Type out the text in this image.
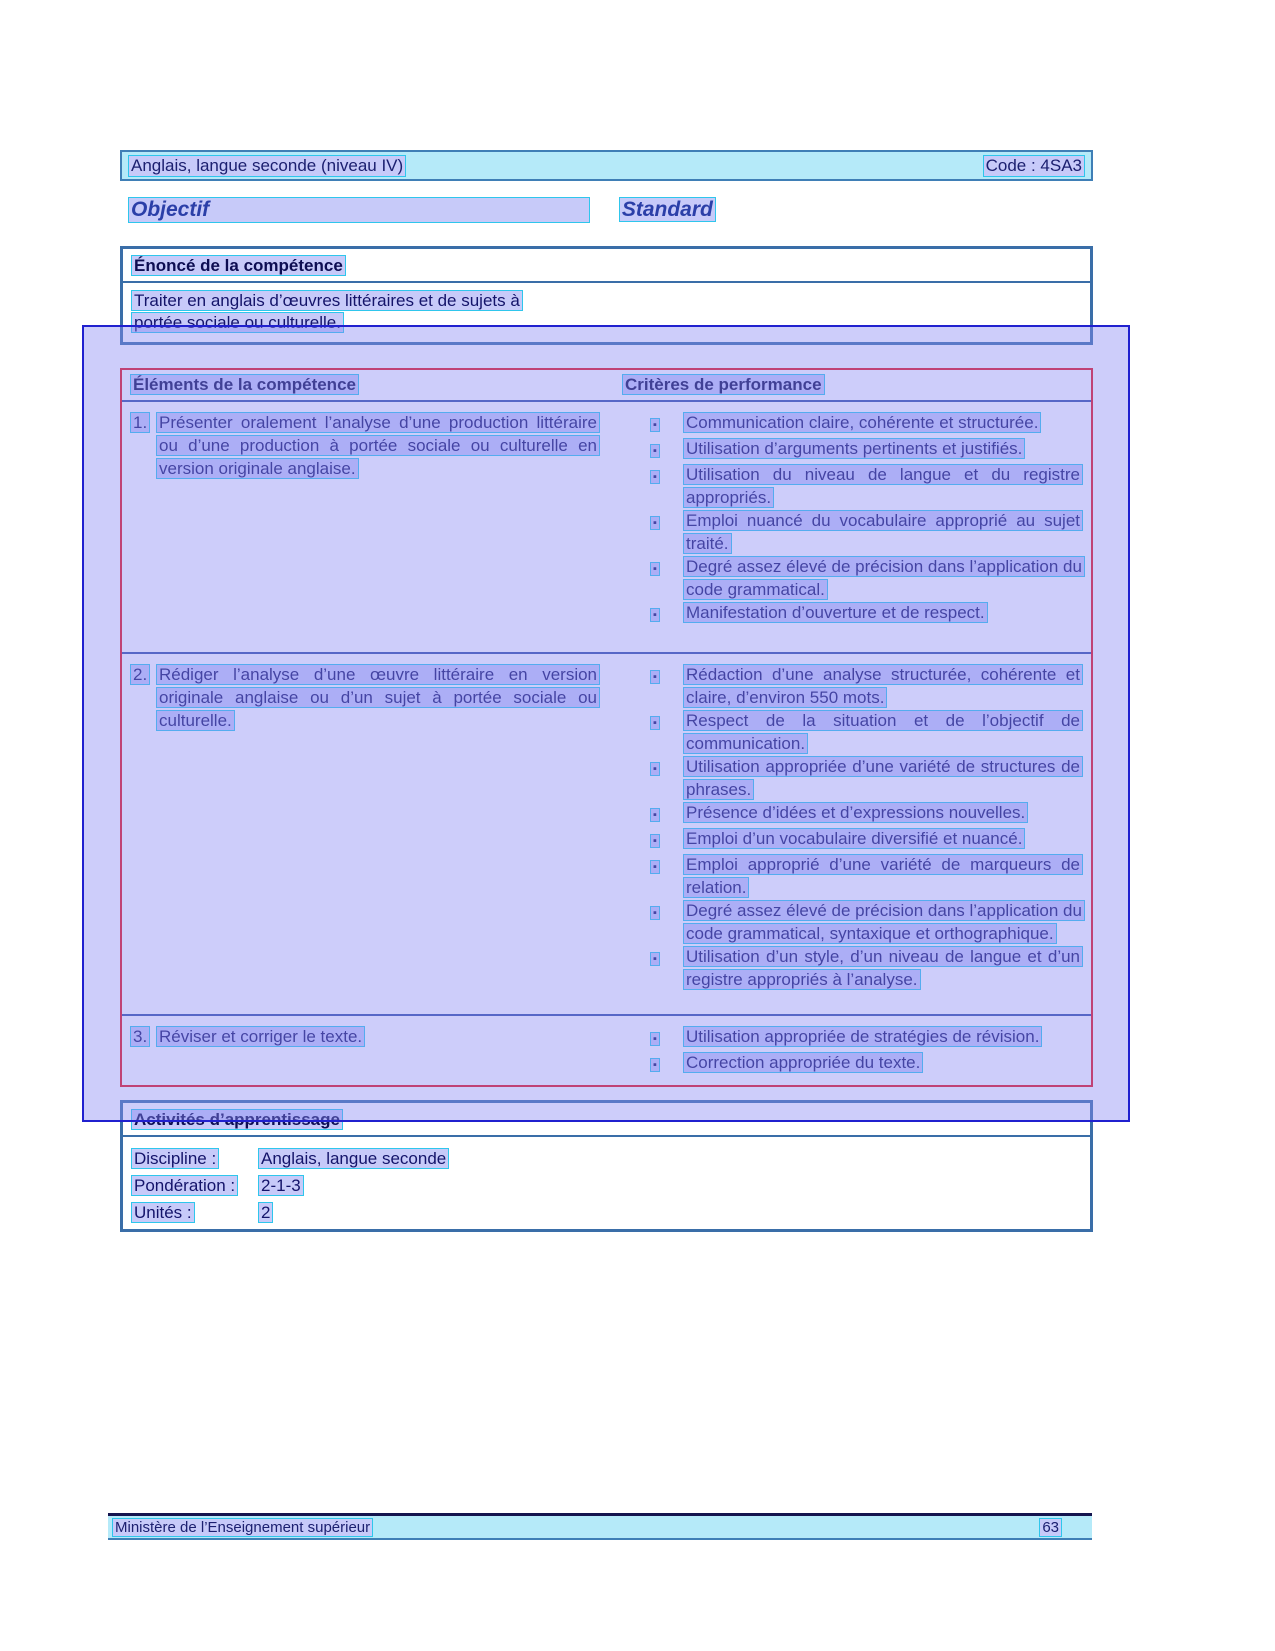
Anglais, langue seconde (niveau IV)	Code : 4SA3
Objectif	Standard
Énoncé de la compétence
Traiter en anglais d’œuvres littéraires et de sujets à
portée sociale ou culturelle.
Éléments de la compétence	Critères de performance
1. Présenter oralement l’analyse d’une production littéraire ou d’une production à portée sociale ou culturelle en version originale anglaise.
▪	Communication claire, cohérente et structurée.
▪	Utilisation d’arguments pertinents et justifiés.
▪	Utilisation du niveau de langue et du registre appropriés.
▪	Emploi nuancé du vocabulaire approprié au sujet traité.
▪	Degré assez élevé de précision dans l’application du code grammatical.
▪	Manifestation d’ouverture et de respect.
2. Rédiger l’analyse d’une œuvre littéraire en version originale anglaise ou d’un sujet à portée sociale ou culturelle.
▪	Rédaction d’une analyse structurée, cohérente et claire, d’environ 550 mots.
▪	Respect de la situation et de l’objectif de communication.
▪	Utilisation appropriée d’une variété de structures de phrases.
▪	Présence d’idées et d’expressions nouvelles.
▪	Emploi d’un vocabulaire diversifié et nuancé.
▪	Emploi approprié d’une variété de marqueurs de relation.
▪	Degré assez élevé de précision dans l’application du code grammatical, syntaxique et orthographique.
▪	Utilisation d’un style, d’un niveau de langue et d’un registre appropriés à l’analyse.
3. Réviser et corriger le texte.	▪	Utilisation appropriée de stratégies de révision.
▪	Correction appropriée du texte.
Activités d’apprentissage
Discipline :	Anglais, langue seconde
Pondération :	2-1-3
Unités :	2
Ministère de l’Enseignement supérieur	63
